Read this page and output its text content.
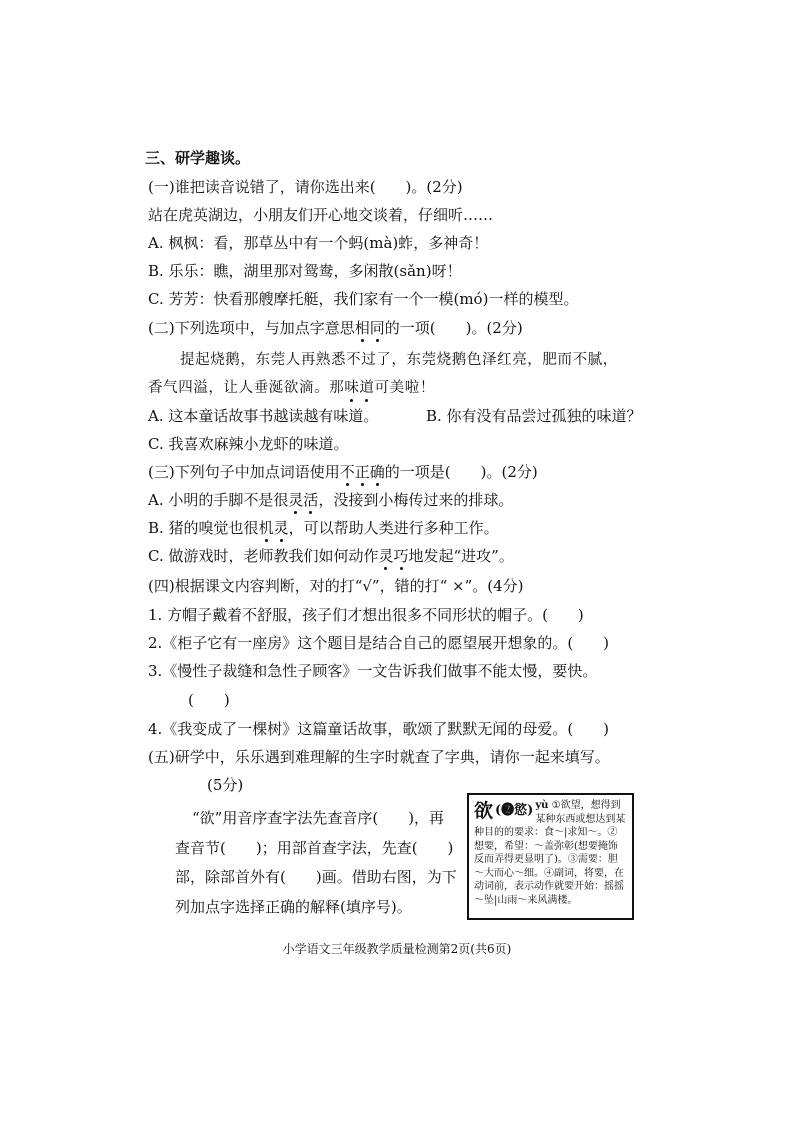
三、研学趣谈。
(一)谁把读音说错了，请你选出来(　　)。(2分)
站在虎英湖边，小朋友们开心地交谈着，仔细听……
A. 枫枫：看，那草丛中有一个蚂(mà)蚱，多神奇！
B. 乐乐：瞧，湖里那对鸳鸯，多闲散(sǎn)呀！
C. 芳芳：快看那艘摩托艇，我们家有一个一模(mó)一样的模型。
(二)下列选项中，与加点字意思相同的一项(　　)。(2分)
提起烧鹅，东莞人再熟悉不过了，东莞烧鹅色泽红亮，肥而不腻，
香气四溢，让人垂涎欲滴。那味道可美啦！
A. 这本童话故事书越读越有味道。	B. 你有没有品尝过孤独的味道？
C. 我喜欢麻辣小龙虾的味道。
(三)下列句子中加点词语使用不正确的一项是(　　)。(2分)
A. 小明的手脚不是很灵活，没接到小梅传过来的排球。
B. 猪的嗅觉也很机灵，可以帮助人类进行多种工作。
C. 做游戏时，老师教我们如何动作灵巧地发起“进攻”。
(四)根据课文内容判断，对的打“√”，错的打“ ×”。(4分)
1. 方帽子戴着不舒服，孩子们才想出很多不同形状的帽子。(　　)
2.《柜子它有一座房》这个题目是结合自己的愿望展开想象的。(　　)
3.《慢性子裁缝和急性子顾客》一文告诉我们做事不能太慢，要快。
(　　)
4.《我变成了一棵树》这篇童话故事，歌颂了默默无闻的母爱。(　　)
(五)研学中，乐乐遇到难理解的生字时就查了字典，请你一起来填写。
(5分)
“欲”用音序查字法先查音序(　　)，再
查音节(　　)；用部首查字法，先查(　　)
部，除部首外有(　　)画。借助右图，为下
列加点字选择正确的解释(填序号)。
欲 (❷慾) yù ①欲望，想得到某种东西或想达到某种目的的要求：食～|求知～。②想要，希望：～盖弥彰(想要掩饰反而弄得更显明了)。③需要：胆～大而心～细。④副词，将要，在动词前，表示动作就要开始：摇摇～坠|山雨～来风满楼。
小学语文三年级教学质量检测第2页(共6页)
